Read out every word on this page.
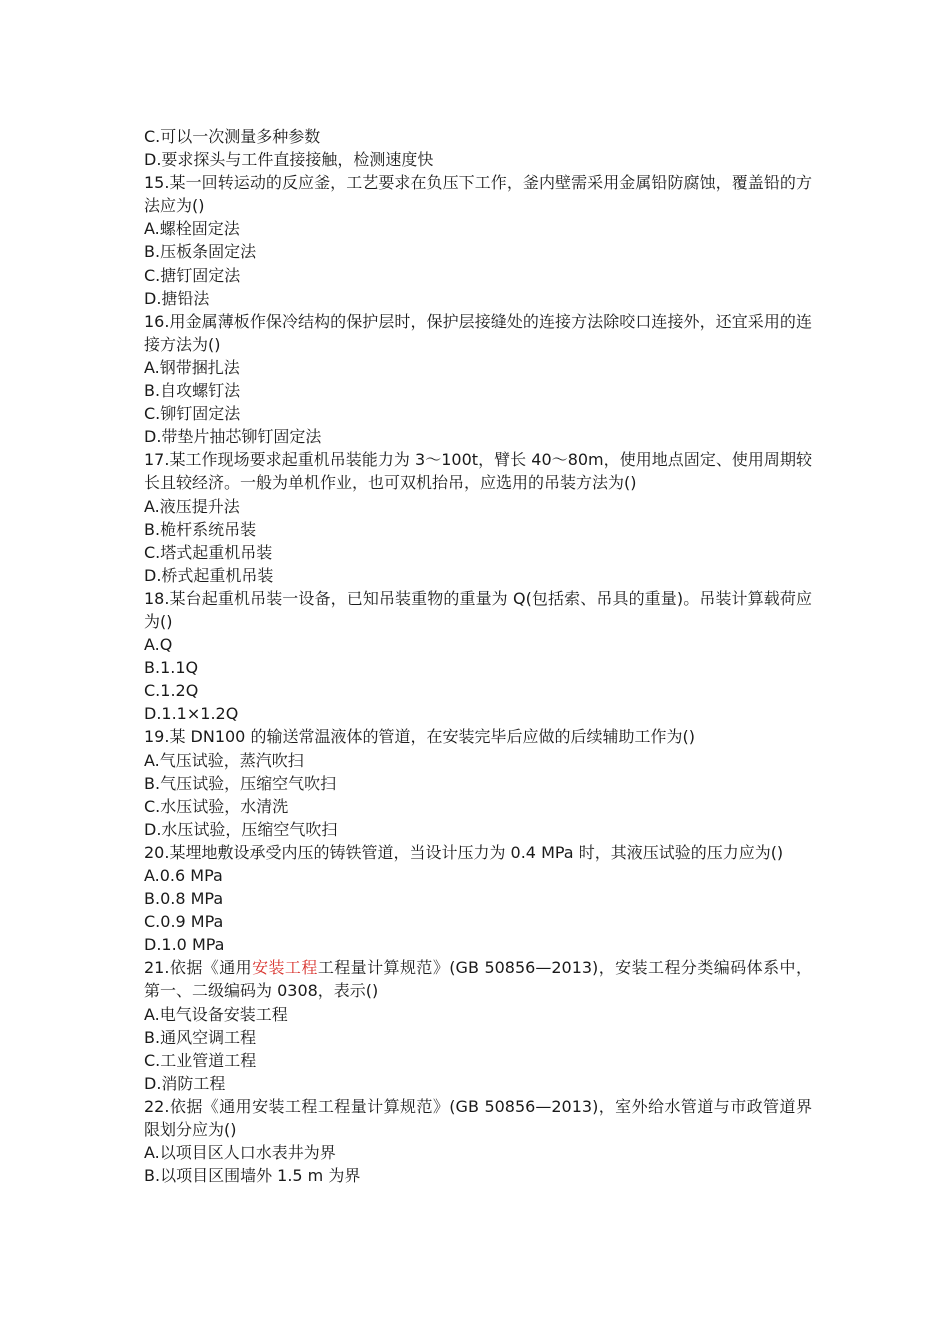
C.可以一次测量多种参数
D.要求探头与工件直接接触，检测速度快
15.某一回转运动的反应釜，工艺要求在负压下工作，釜内壁需采用金属铅防腐蚀，覆盖铅的方法应为()
A.螺栓固定法
B.压板条固定法
C.搪钉固定法
D.搪铅法
16.用金属薄板作保冷结构的保护层时，保护层接缝处的连接方法除咬口连接外，还宜采用的连接方法为()
A.钢带捆扎法
B.自攻螺钉法
C.铆钉固定法
D.带垫片抽芯铆钉固定法
17.某工作现场要求起重机吊装能力为 3～100t，臂长 40～80m，使用地点固定、使用周期较长且较经济。一般为单机作业，也可双机抬吊，应选用的吊装方法为()
A.液压提升法
B.桅杆系统吊装
C.塔式起重机吊装
D.桥式起重机吊装
18.某台起重机吊装一设备，已知吊装重物的重量为 Q(包括索、吊具的重量)。吊装计算载荷应为()
A.Q
B.1.1Q
C.1.2Q
D.1.1×1.2Q
19.某 DN100 的输送常温液体的管道，在安装完毕后应做的后续辅助工作为()
A.气压试验，蒸汽吹扫
B.气压试验，压缩空气吹扫
C.水压试验，水清洗
D.水压试验，压缩空气吹扫
20.某埋地敷设承受内压的铸铁管道，当设计压力为 0.4 MPa 时，其液压试验的压力应为()
A.0.6 MPa
B.0.8 MPa
C.0.9 MPa
D.1.0 MPa
21.依据《通用安装工程工程量计算规范》(GB 50856—2013)，安装工程分类编码体系中，第一、二级编码为 0308，表示()
A.电气设备安装工程
B.通风空调工程
C.工业管道工程
D.消防工程
22.依据《通用安装工程工程量计算规范》(GB 50856—2013)，室外给水管道与市政管道界限划分应为()
A.以项目区人口水表井为界
B.以项目区围墙外 1.5 m 为界
